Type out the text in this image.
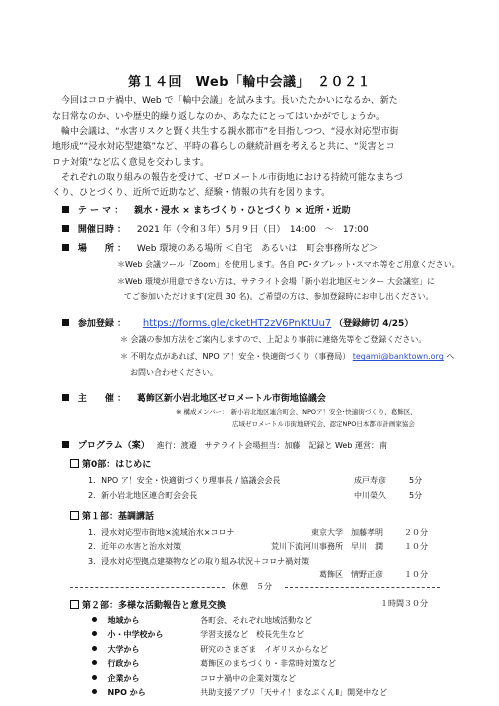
第１４回　Web「輪中会議」　２０２１

今回はコロナ禍中、Web で「輪中会議」を試みます。長いたたかいになるか、新た

な日常なのか、いや歴史的繰り返しなのか、あなたにとってはいかがでしょうか。

輪中会議は、“水害リスクと賢く共生する親水都市”を目指しつつ、“浸水対応型市街

地形成”“浸水対応型建築”など、平時の暮らしの継続計画を考えると共に、“災害とコ

ロナ対策”など広く意見を交わします。

それぞれの取り組みの報告を受けて、ゼロメートル市街地における持続可能なまちづ

くり、ひとづくり、近所で近助など、経験・情報の共有を図ります。

テ ー マ ： 親水・浸水 × まちづくり・ひとづくり × 近所・近助
開催日時 ： 2021 年（令和３年）5月９日（日）　14:00　～　17:00
場　　所 ： Web 環境のある場所 ＜自宅　あるいは　町会事務所など＞
＊Web 会議ツール「Zoom」を使用します。各自 PC･タブレット･スマホ等をご用意ください。
＊Web 環境が用意できない方は、サテライト会場「新小岩北地区センター 大会議室」に
てご参加いただけます(定員 30 名)。ご希望の方は、参加登録時にお申し出ください。
参加登録 ： https://forms.gle/cketHT2zV6PnKtUu7 （登録締切 4/25）
＊ 会議の参加方法をご案内しますので、上記より事前に連絡先等をご登録ください。
＊ 不明な点があれば、NPO ア！安全・快適街づくり（事務局） tegami@banktown.org へ
お問い合わせください。
主　　催 ： 葛飾区新小岩北地区ゼロメートル市街地協議会
※ 構成メンバー： 新小岩北地区連合町会、NPOア！安全･快適街づくり、葛飾区、
広域ゼロメートル市街地研究会、認定NPO日本都市計画家協会
プログラム（案） 進行：渡邉　サテライト会場担当：加藤　記録と Web 運営：南
第0部：はじめに
1．NPO ア！安全・快適街づくり理事長 / 協議会会長	成戸寿彦	5分
2．新小岩北地区連合町会会長	中川榮久	5分
第１部：基調講話
1．浸水対応型市街地×流域治水×コロナ	東京大学　加藤孝明	２０分
2．近年の水害と治水対策	荒川下流河川事務所　早川　潤	１０分
3．浸水対応型拠点建築物などの取り組み状況＋コロナ禍対策
葛飾区　情野正彦	１０分
休憩　５分
第２部：多様な活動報告と意見交換	１時間３０分
地域から	各町会、それぞれ地域活動など
小・中学校から	学習支援など　校長先生など
大学から	研究のさまざま　イギリスからなど
行政から	葛飾区のまちづくり・非常時対策など
企業から	コロナ禍中の企業対策など
NPO から	共助支援アプリ「天サイ！まなぶくんⅡ」開発中など
